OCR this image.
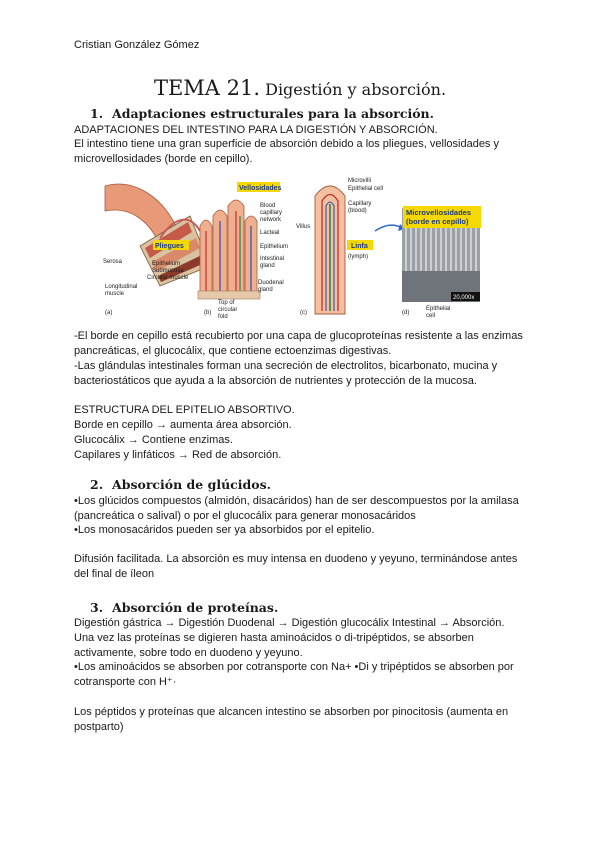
Cristian González Gómez
TEMA 21. Digestión y absorción.
1. Adaptaciones estructurales para la absorción.
ADAPTACIONES DEL INTESTINO PARA LA DIGESTIÓN Y ABSORCIÓN.
El intestino tiene una gran superficie de absorción debido a los pliegues, vellosidades y
microvellosidades (borde en cepillo).
Pliegues
Serosa	Epithelium
Submucosa
Circular muscle
Longitudinal
muscle
(a)
Vellosidades
Blood
capillary
network
Lacteal
Epithelium
Intestinal
gland
Duodenal
gland
Top of
circular
fold
(b)
Villus
Microvilli
Epithelial cell
Capillary
(blood)
Linfa
(lymph)
(c)
Microvellosidades
(borde en cepillo)
20,000x
Epithelial
cell
(d)
-El borde en cepillo está recubierto por una capa de glucoproteínas resistente a las enzimas
pancreáticas, el glucocálix, que contiene ectoenzimas digestivas.
-Las glándulas intestinales forman una secreción de electrolitos, bicarbonato, mucina y
bacteriostáticos que ayuda a la absorción de nutrientes y protección de la mucosa.
ESTRUCTURA DEL EPITELIO ABSORTIVO.
Borde en cepillo → aumenta área absorción.
Glucocálix → Contiene enzimas.
Capilares y linfáticos → Red de absorción.
2. Absorción de glúcidos.
•Los glúcidos compuestos (almidón, disacáridos) han de ser descompuestos por la amilasa
(pancreática o salival) o por el glucocálix para generar monosacáridos
•Los monosacáridos pueden ser ya absorbidos por el epitelio.
Difusión facilitada. La absorción es muy intensa en duodeno y yeyuno, terminándose antes
del final de íleon
3. Absorción de proteínas.
Digestión gástrica → Digestión Duodenal → Digestión glucocálix Intestinal → Absorción.
Una vez las proteínas se digieren hasta aminoácidos o di-tripéptidos, se absorben
activamente, sobre todo en duodeno y yeyuno.
•Los aminoácidos se absorben por cotransporte con Na+ •Di y tripéptidos se absorben por
cotransporte con H⁺·
Los péptidos y proteínas que alcancen intestino se absorben por pinocitosis (aumenta en
postparto)
